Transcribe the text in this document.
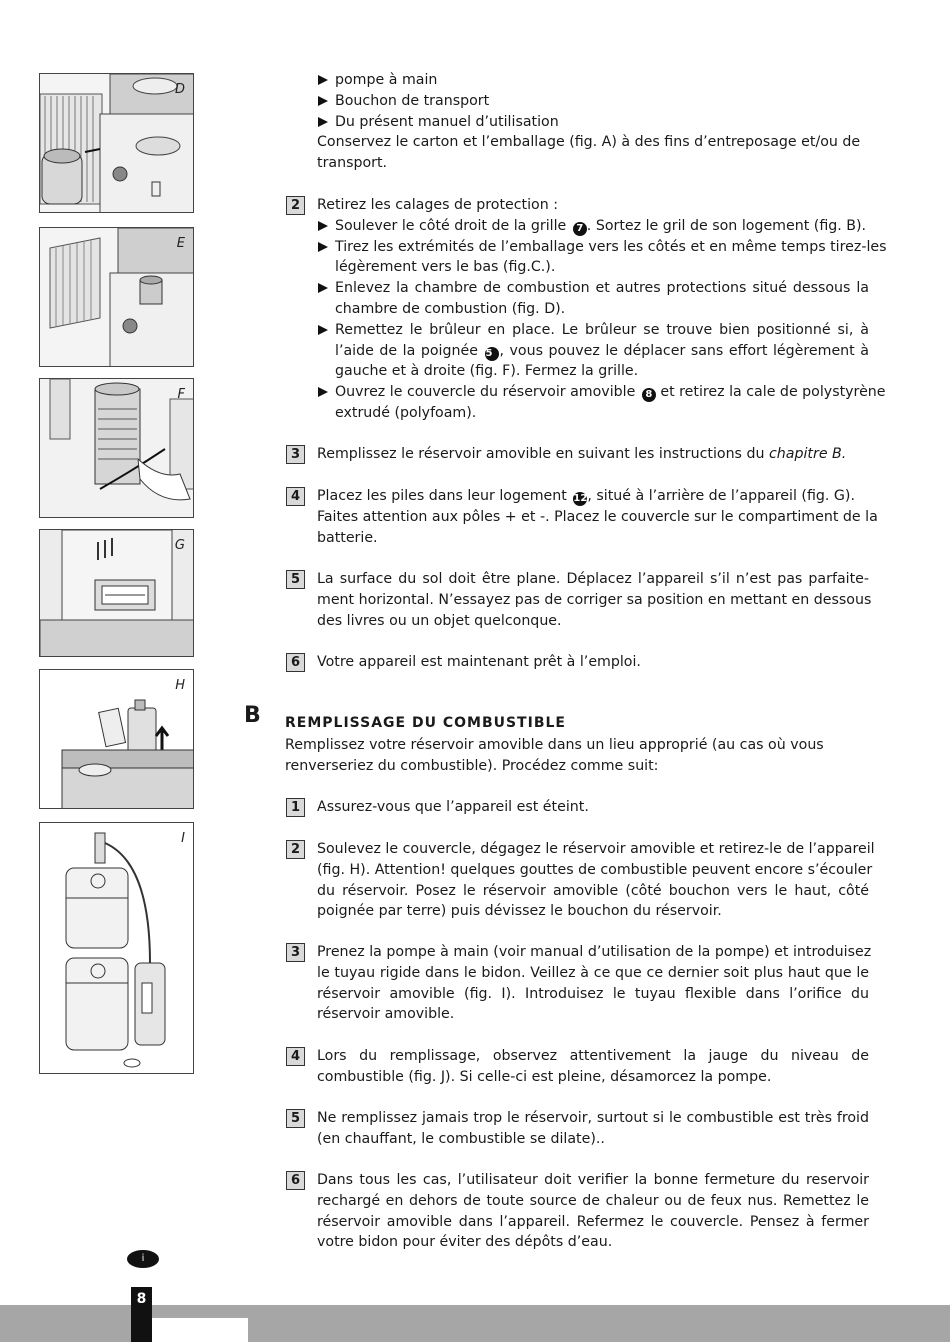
D
E
F
G
H
I
pompe à main
Bouchon de transport
Du présent manuel d’utilisation
Conservez le carton et l’emballage (fig. A) à des fins d’entreposage et/ou de
transport.
2	Retirez les calages de protection :
Soulever le côté droit de la grille 7 . Sortez le gril de son logement (fig. B).
Tirez les extrémités de l’emballage vers les côtés et en même temps tirez-les
légèrement vers le bas (fig.C.).
Enlevez la chambre de combustion et autres protections situé dessous la
chambre de combustion (fig. D).
Remettez le brûleur en place. Le brûleur se trouve bien positionné si, à
l’aide de la poignée 5 , vous pouvez le déplacer sans effort légèrement à
gauche et à droite (fig. F). Fermez la grille.
Ouvrez le couvercle du réservoir amovible 8 et retirez la cale de polystyrène
extrudé (polyfoam).
3	Remplissez le réservoir amovible en suivant les instructions du chapitre B.
4	Placez les piles dans leur logement 12, situé à l’arrière de l’appareil (fig. G).
Faites attention aux pôles + et -. Placez le couvercle sur le compartiment de la
batterie.
5	La surface du sol doit être plane. Déplacez l’appareil s’il n’est pas parfaite-
ment horizontal. N’essayez pas de corriger sa position en mettant en dessous
des livres ou un objet quelconque.
6	Votre appareil est maintenant prêt à l’emploi.
B REMPLISSAGE DU COMBUSTIBLE
Remplissez votre réservoir amovible dans un lieu approprié (au cas où vous
renverseriez du combustible). Procédez comme suit:
1	Assurez-vous que l’appareil est éteint.
2	Soulevez le couvercle, dégagez le réservoir amovible et retirez-le de l’appareil
(fig. H). Attention! quelques gouttes de combustible peuvent encore s’écouler
du réservoir. Posez le réservoir amovible (côté bouchon vers le haut, côté
poignée par terre) puis dévissez le bouchon du réservoir.
3	Prenez la pompe à main (voir manual d’utilisation de la pompe) et introduisez
le tuyau rigide dans le bidon. Veillez à ce que ce dernier soit plus haut que le
réservoir amovible (fig. I). Introduisez le tuyau flexible dans l’orifice du
réservoir amovible.
4	Lors du remplissage, observez attentivement la jauge du niveau de
combustible (fig. J). Si celle-ci est pleine, désamorcez la pompe.
5	Ne remplissez jamais trop le réservoir, surtout si le combustible est très froid
(en chauffant, le combustible se dilate)..
6	Dans tous les cas, l’utilisateur doit verifier la bonne fermeture du reservoir
rechargé en dehors de toute source de chaleur ou de feux nus. Remettez le
réservoir amovible dans l’appareil. Refermez le couvercle. Pensez à fermer
votre bidon pour éviter des dépôts d’eau.
i
8
